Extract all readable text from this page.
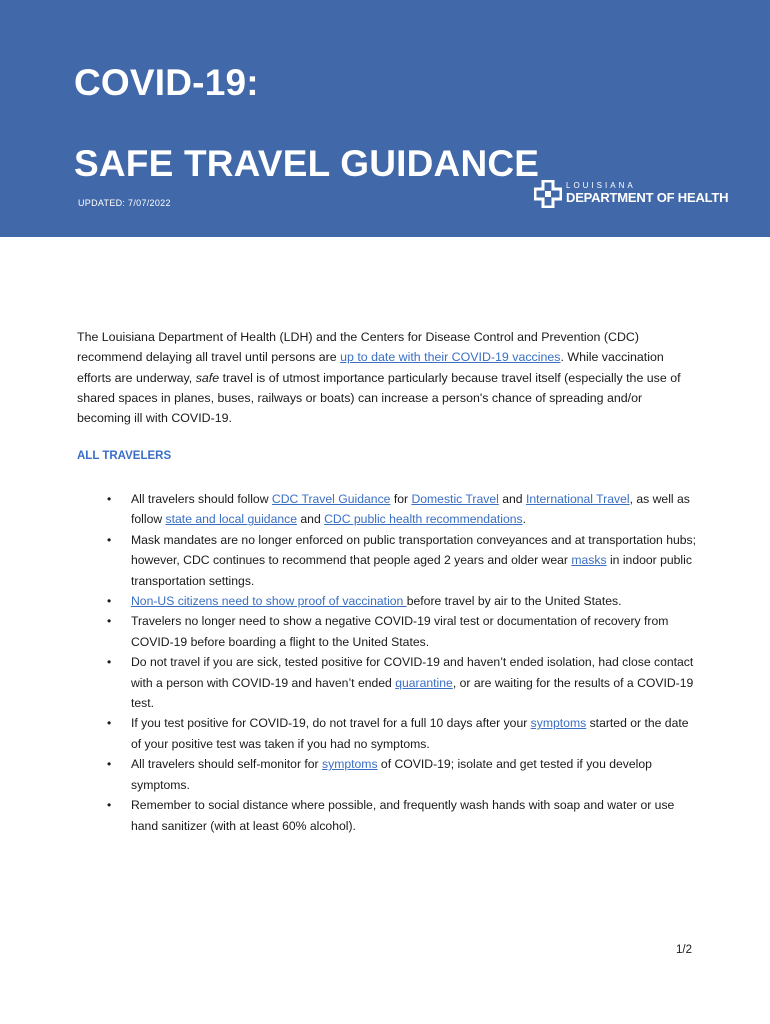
COVID-19:
SAFE TRAVEL GUIDANCE
UPDATED: 7/07/2022
LOUISIANA
DEPARTMENT OF HEALTH

The Louisiana Department of Health (LDH) and the Centers for Disease Control and Prevention (CDC) recommend delaying all travel until persons are up to date with their COVID-19 vaccines. While vaccination efforts are underway, safe travel is of utmost importance particularly because travel itself (especially the use of shared spaces in planes, buses, railways or boats) can increase a person's chance of spreading and/or becoming ill with COVID-19.

ALL TRAVELERS
• All travelers should follow CDC Travel Guidance for Domestic Travel and International Travel, as well as follow state and local guidance and CDC public health recommendations.
• Mask mandates are no longer enforced on public transportation conveyances and at transportation hubs; however, CDC continues to recommend that people aged 2 years and older wear masks in indoor public transportation settings.
• Non-US citizens need to show proof of vaccination before travel by air to the United States.
• Travelers no longer need to show a negative COVID-19 viral test or documentation of recovery from COVID-19 before boarding a flight to the United States.
• Do not travel if you are sick, tested positive for COVID-19 and haven’t ended isolation, had close contact with a person with COVID-19 and haven’t ended quarantine, or are waiting for the results of a COVID-19 test.
• If you test positive for COVID-19, do not travel for a full 10 days after your symptoms started or the date of your positive test was taken if you had no symptoms.
• All travelers should self-monitor for symptoms of COVID-19; isolate and get tested if you develop symptoms.
• Remember to social distance where possible, and frequently wash hands with soap and water or use hand sanitizer (with at least 60% alcohol).
1/2
